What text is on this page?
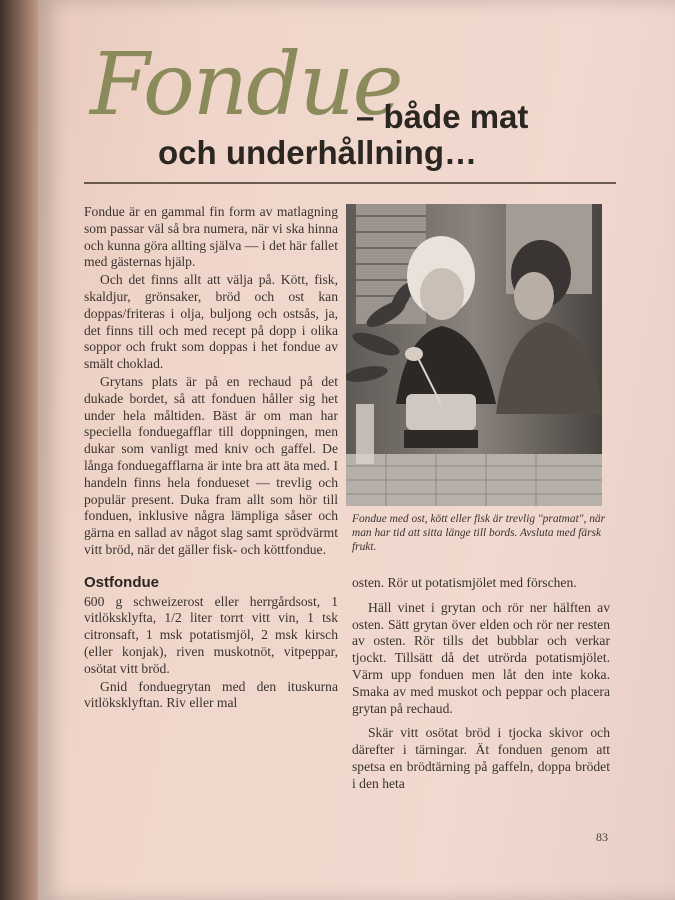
Fondue
– både mat
och underhållning…

Fondue är en gammal fin form av matlagning som passar väl så bra numera, när vi ska hinna och kunna göra allting själva — i det här fallet med gästernas hjälp.

Och det finns allt att välja på. Kött, fisk, skaldjur, grönsaker, bröd och ost kan doppas/friteras i olja, buljong och ostsås, ja, det finns till och med recept på dopp i olika soppor och frukt som doppas i het fondue av smält choklad.

Grytans plats är på en rechaud på det dukade bordet, så att fonduen håller sig het under hela måltiden. Bäst är om man har speciella fonduegafflar till doppningen, men dukar som vanligt med kniv och gaffel. De långa fonduegafflarna är inte bra att äta med. I handeln finns hela fondueset — trevlig och populär present. Duka fram allt som hör till fonduen, inklusive några lämpliga såser och gärna en sallad av något slag samt sprödvärmt vitt bröd, när det gäller fisk- och köttfondue.

Ostfondue

600 g schweizerost eller herrgårdsost, 1 vitlöksklyfta, 1/2 liter torrt vitt vin, 1 tsk citronsaft, 1 msk potatismjöl, 2 msk kirsch (eller konjak), riven muskotnöt, vitpeppar, osötat vitt bröd.

Gnid fonduegrytan med den ituskurna vitlöksklyftan. Riv eller mal

Fondue med ost, kött eller fisk är trevlig "pratmat", när man har tid att sitta länge till bords. Avsluta med färsk frukt.

osten. Rör ut potatismjölet med förschen.

Häll vinet i grytan och rör ner hälften av osten. Sätt grytan över elden och rör ner resten av osten. Rör tills det bubblar och verkar tjockt. Tillsätt då det utrörda potatismjölet. Värm upp fonduen men låt den inte koka. Smaka av med muskot och peppar och placera grytan på rechaud.

Skär vitt osötat bröd i tjocka skivor och därefter i tärningar. Ät fonduen genom att spetsa en brödtärning på gaffeln, doppa brödet i den heta

83
